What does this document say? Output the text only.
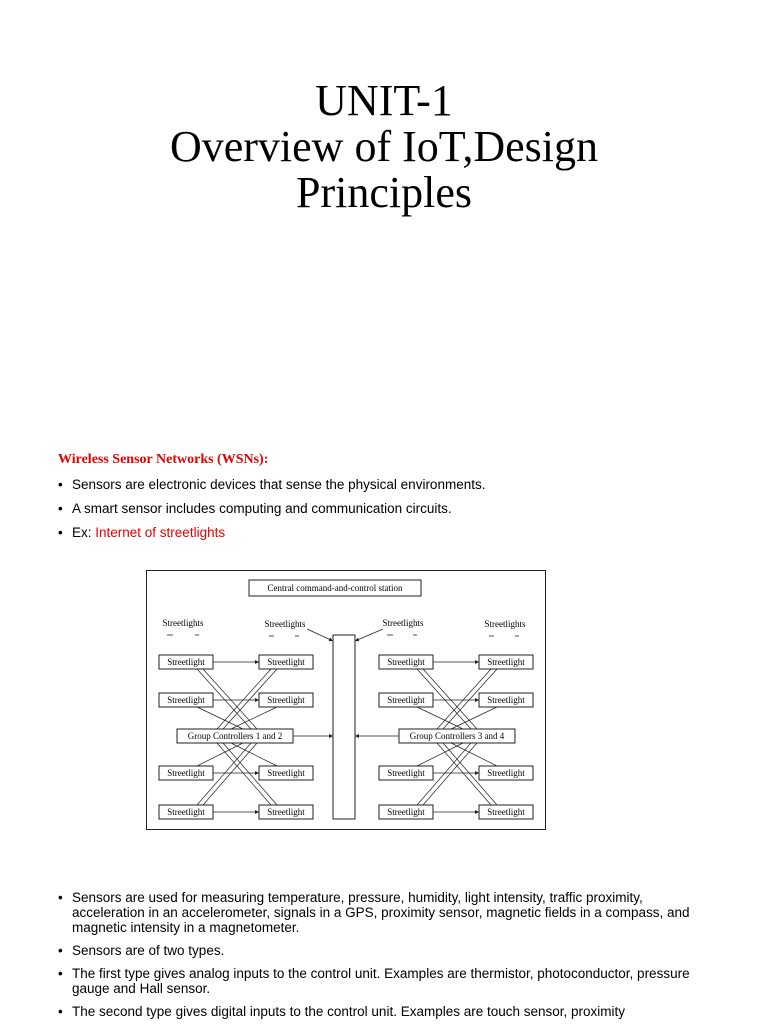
UNIT-1
Overview of IoT,Design
Principles
Wireless Sensor Networks (WSNs):
• Sensors are electronic devices that sense the physical environments.
• A smart sensor includes computing and communication circuits.
• Ex: Internet of streetlights
Central command-and-control station
Streetlights	Streetlights	Streetlights	Streetlights
Streetlight
Streetlight
Streetlight
Streetlight
Streetlight
Streetlight
Streetlight
Streetlight
Streetlight
Streetlight
Streetlight
Streetlight
Streetlight
Streetlight
Streetlight
Streetlight
Group Controllers 1 and 2	Group Controllers 3 and 4
• Sensors are used for measuring temperature, pressure, humidity, light intensity, traffic proximity, acceleration in an accelerometer, signals in a GPS, proximity sensor, magnetic fields in a compass, and magnetic intensity in a magnetometer.
• Sensors are of two types.
• The first type gives analog inputs to the control unit. Examples are thermistor, photoconductor, pressure gauge and Hall sensor.
• The second type gives digital inputs to the control unit. Examples are touch sensor, proximity
